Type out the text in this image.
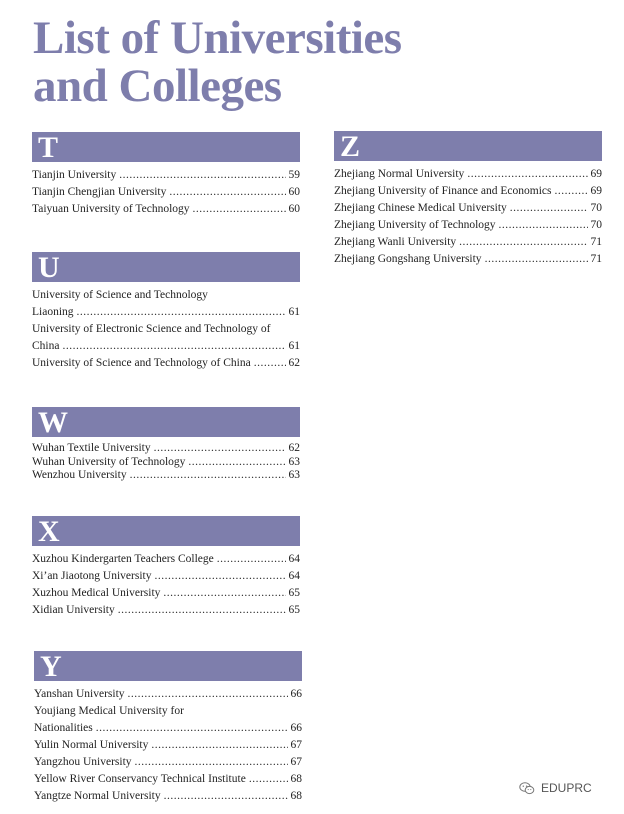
List of Universities
and Colleges
T
Tianjin University .....	59
Tianjin Chengjian University .....	60
Taiyuan University of Technology .....	60
U
University of Science and Technology
Liaoning .....	61
University of Electronic Science and Technology of
China .....	61
University of Science and Technology of China .....	62
W
Wuhan Textile University .....	62
Wuhan University of Technology .....	63
Wenzhou University .....	63
X
Xuzhou Kindergarten Teachers College .....	64
Xi’an Jiaotong University .....	64
Xuzhou Medical University .....	65
Xidian University .....	65
Y
Yanshan University .....	66
Youjiang Medical University for
Nationalities .....	66
Yulin Normal University .....	67
Yangzhou University .....	67
Yellow River Conservancy Technical Institute .....	68
Yangtze Normal University .....	68
Z
Zhejiang Normal University .....	69
Zhejiang University of Finance and Economics .....	69
Zhejiang Chinese Medical University .....	70
Zhejiang University of Technology .....	70
Zhejiang Wanli University .....	71
Zhejiang Gongshang University .....	71
EDUPRC
